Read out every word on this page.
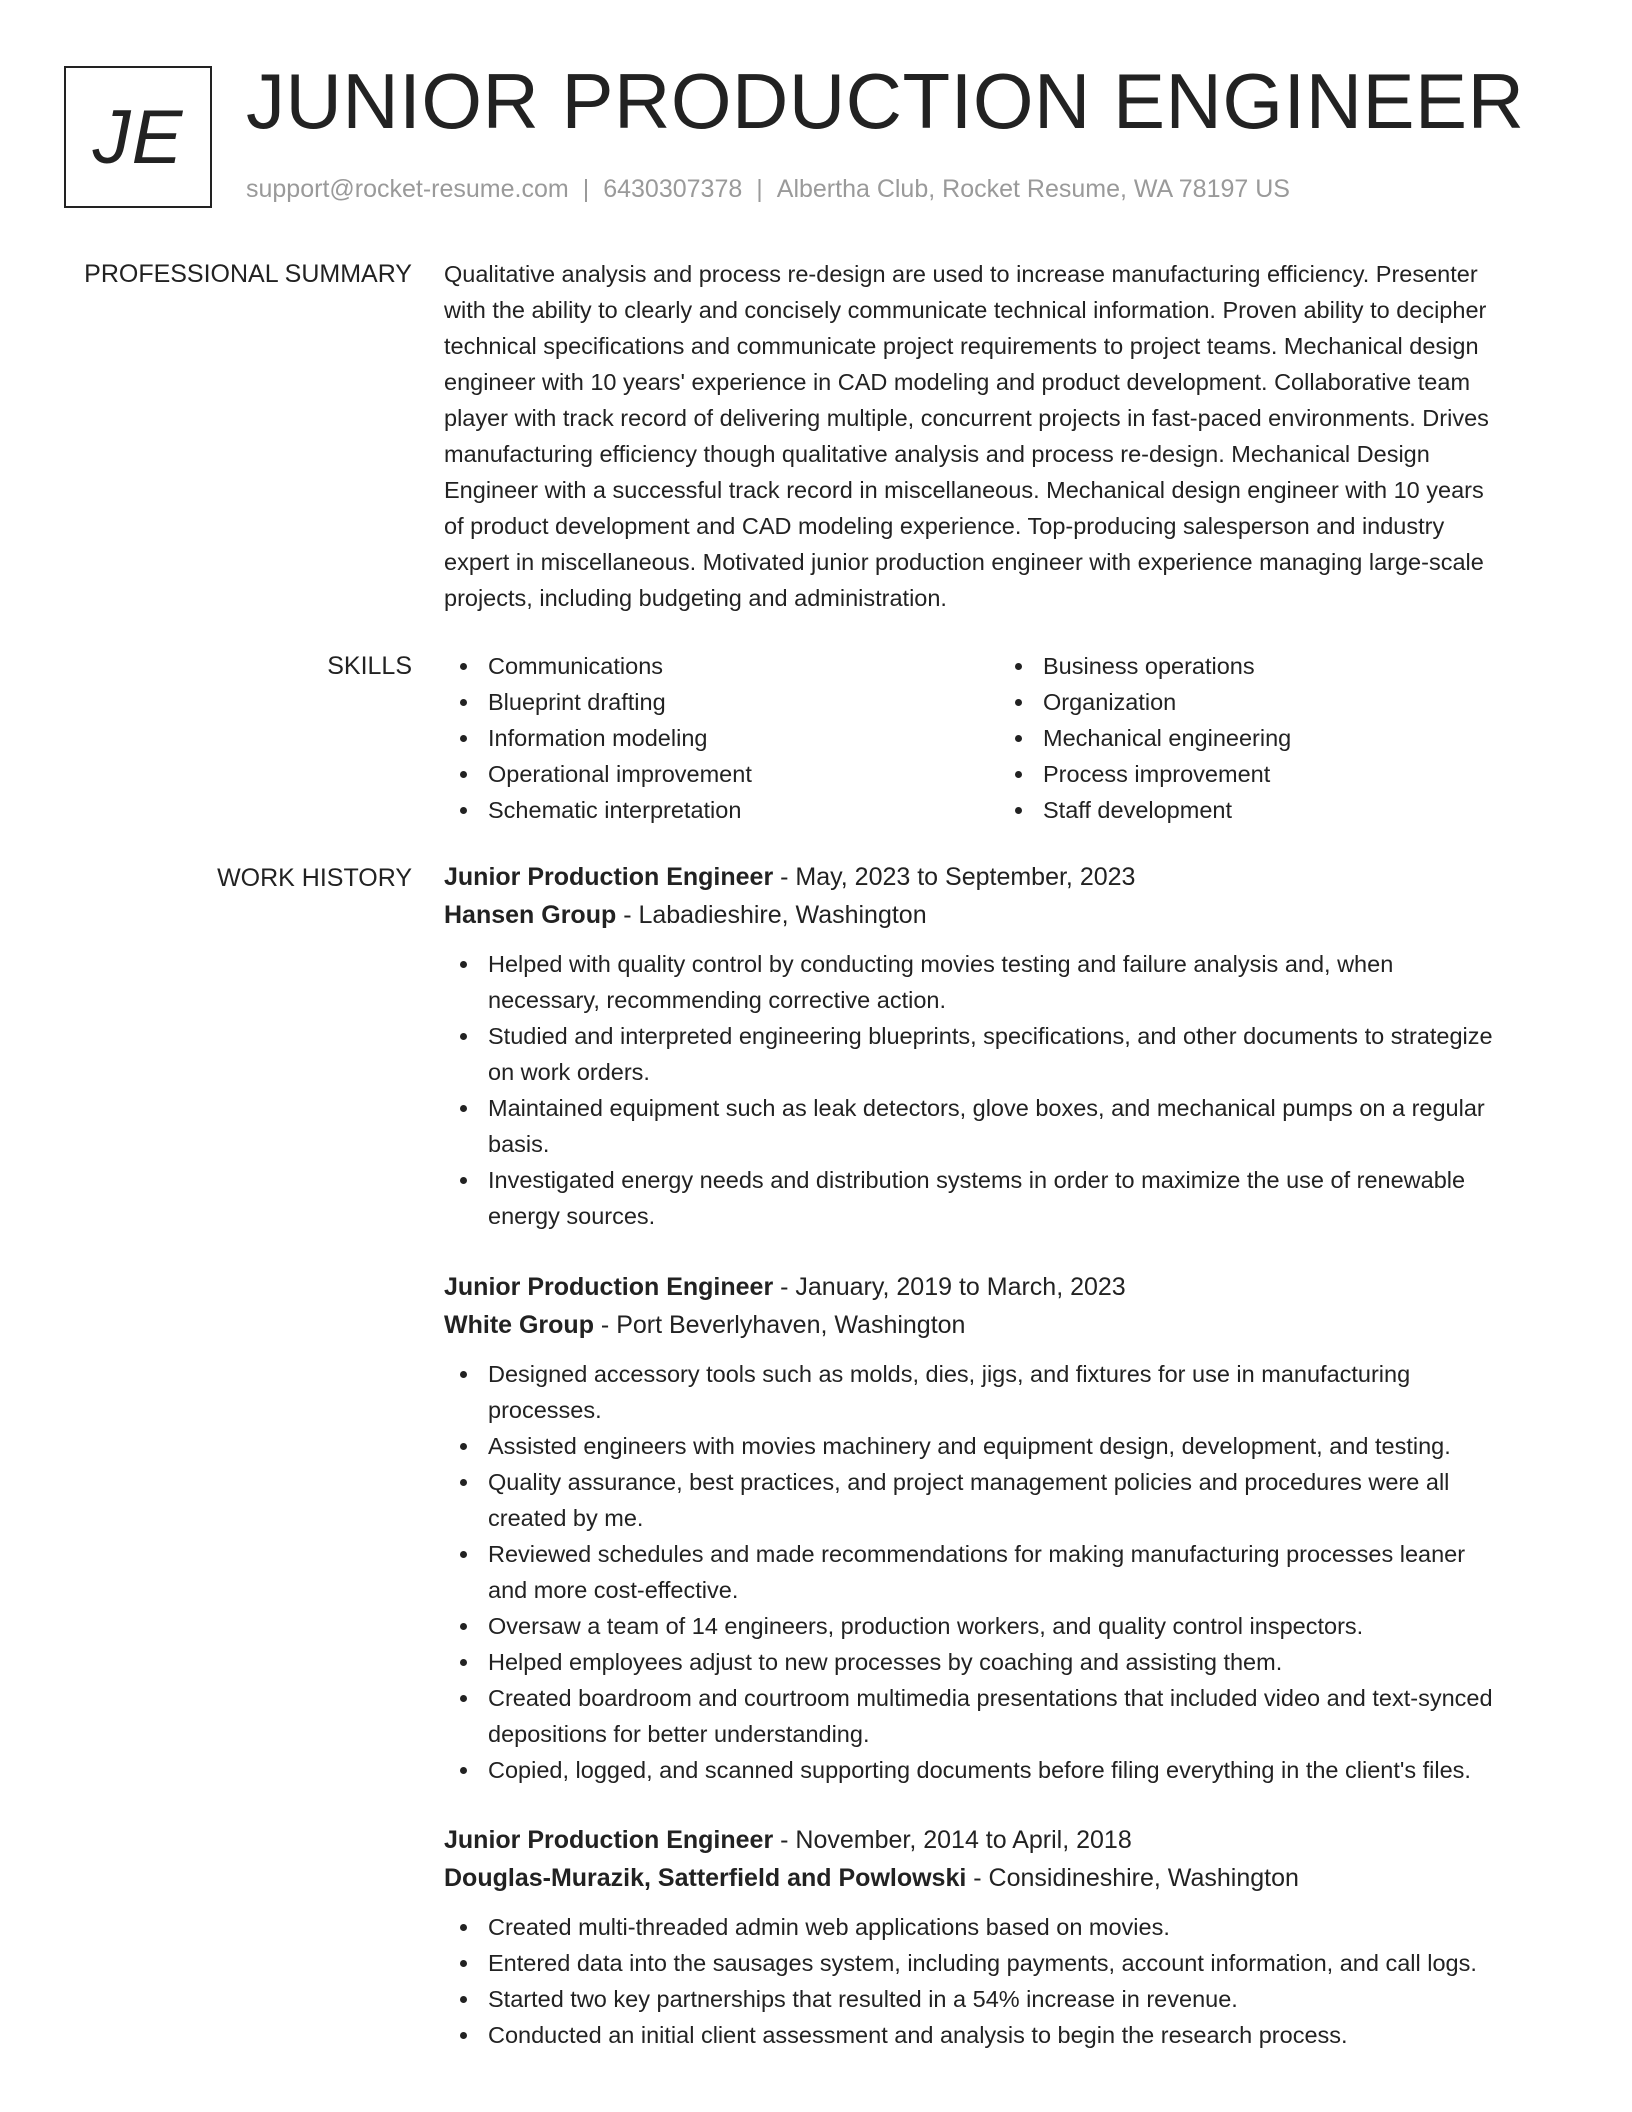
JE JUNIOR PRODUCTION ENGINEER
support@rocket-resume.com | 6430307378 | Albertha Club, Rocket Resume, WA 78197 US
PROFESSIONAL SUMMARY Qualitative analysis and process re-design are used to increase manufacturing efficiency. Presenter
with the ability to clearly and concisely communicate technical information. Proven ability to decipher
technical specifications and communicate project requirements to project teams. Mechanical design
engineer with 10 years' experience in CAD modeling and product development. Collaborative team
player with track record of delivering multiple, concurrent projects in fast-paced environments. Drives
manufacturing efficiency though qualitative analysis and process re-design. Mechanical Design
Engineer with a successful track record in miscellaneous. Mechanical design engineer with 10 years
of product development and CAD modeling experience. Top-producing salesperson and industry
expert in miscellaneous. Motivated junior production engineer with experience managing large-scale
projects, including budgeting and administration.

SKILLS	Communications
Blueprint drafting
Information modeling
Operational improvement
Schematic interpretation
Business operations
Organization
Mechanical engineering
Process improvement
Staff development
WORK HISTORY Junior Production Engineer - May, 2023 to September, 2023
Hansen Group - Labadieshire, Washington
Helped with quality control by conducting movies testing and failure analysis and, when
necessary, recommending corrective action.
Studied and interpreted engineering blueprints, specifications, and other documents to strategize
on work orders.
Maintained equipment such as leak detectors, glove boxes, and mechanical pumps on a regular
basis.
Investigated energy needs and distribution systems in order to maximize the use of renewable
energy sources.
Junior Production Engineer - January, 2019 to March, 2023
White Group - Port Beverlyhaven, Washington
Designed accessory tools such as molds, dies, jigs, and fixtures for use in manufacturing
processes.
Assisted engineers with movies machinery and equipment design, development, and testing.
Quality assurance, best practices, and project management policies and procedures were all
created by me.
Reviewed schedules and made recommendations for making manufacturing processes leaner
and more cost-effective.
Oversaw a team of 14 engineers, production workers, and quality control inspectors.
Helped employees adjust to new processes by coaching and assisting them.
Created boardroom and courtroom multimedia presentations that included video and text-synced
depositions for better understanding.
Copied, logged, and scanned supporting documents before filing everything in the client's files.
Junior Production Engineer - November, 2014 to April, 2018
Douglas-Murazik, Satterfield and Powlowski - Considineshire, Washington
Created multi-threaded admin web applications based on movies.
Entered data into the sausages system, including payments, account information, and call logs.
Started two key partnerships that resulted in a 54% increase in revenue.
Conducted an initial client assessment and analysis to begin the research process.
